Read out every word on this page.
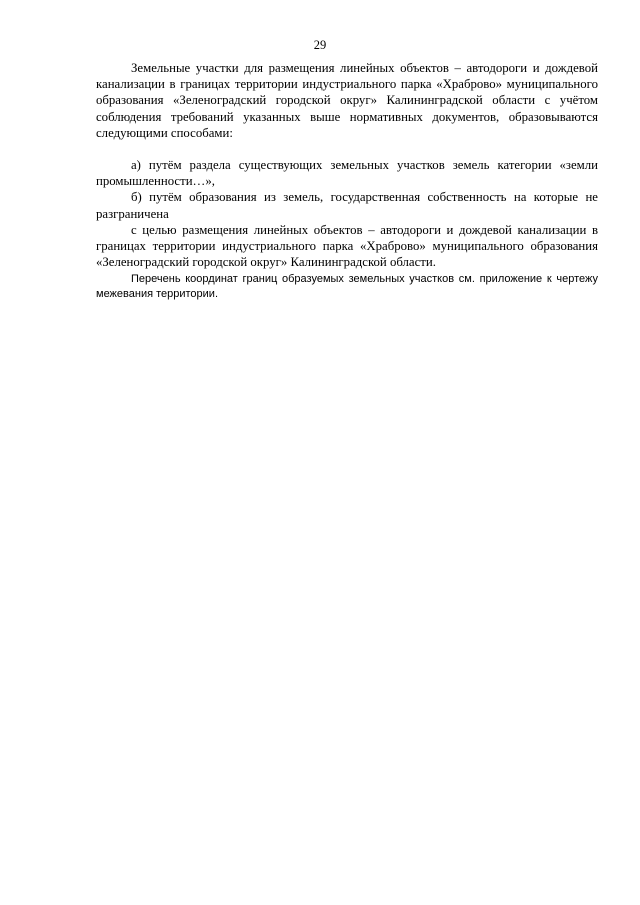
29

Земельные участки для размещения линейных объектов – автодороги и дождевой канализации в границах территории индустриального парка «Храброво» муниципального образования «Зеленоградский городской округ» Калининградской области с учётом соблюдения требований указанных выше нормативных документов, образовываются следующими способами:

а) путём раздела существующих земельных участков земель категории «земли промышленности…»,

б) путём образования из земель, государственная собственность на которые не разграничена

с целью размещения линейных объектов – автодороги и дождевой канализации в границах территории индустриального парка «Храброво» муниципального образования «Зеленоградский городской округ» Калининградской области.

Перечень координат границ образуемых земельных участков см. приложение к чертежу межевания территории.
